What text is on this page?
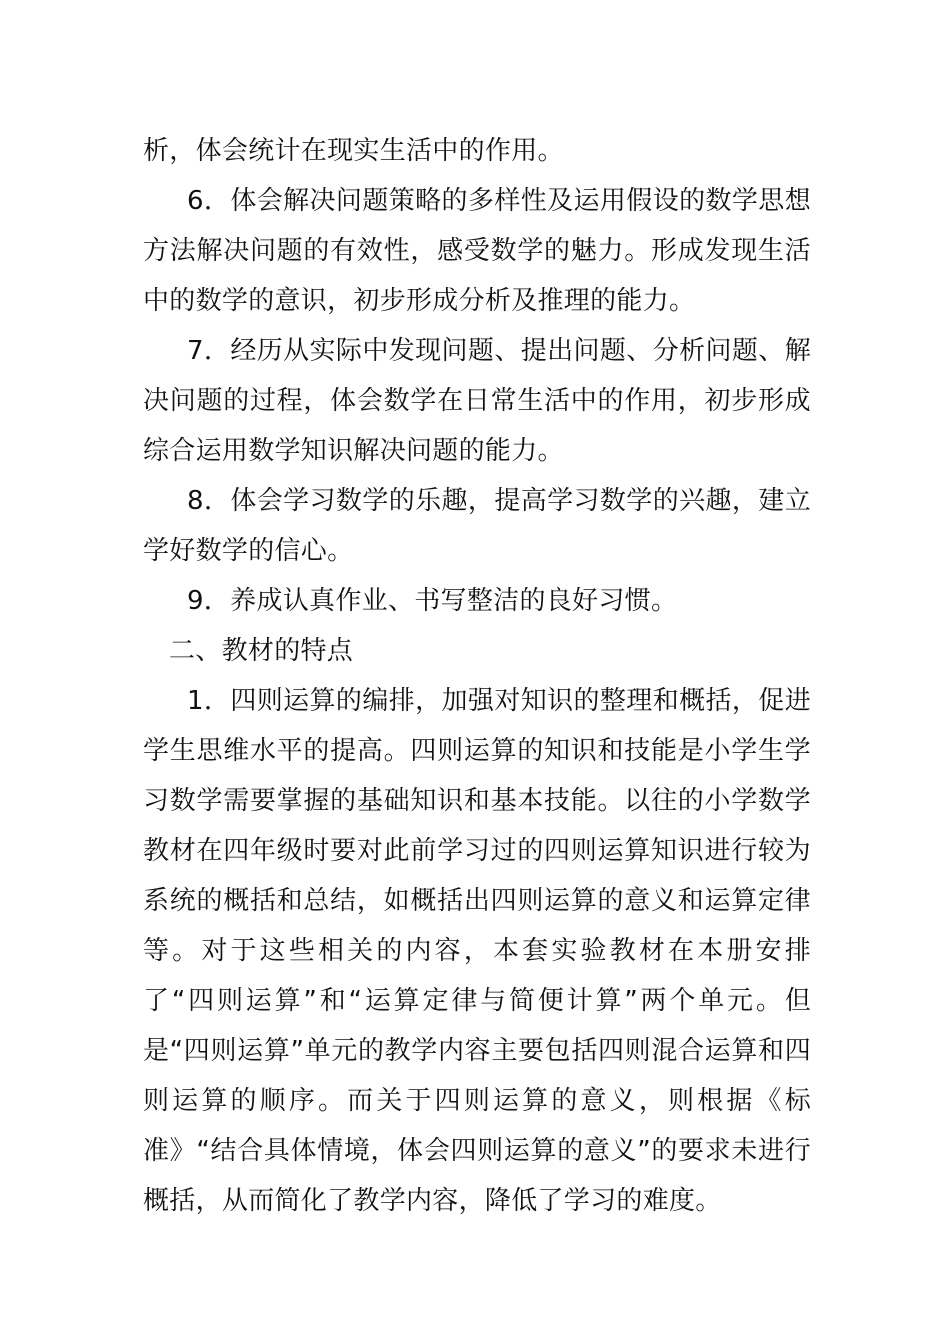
析，体会统计在现实生活中的作用。

6．体会解决问题策略的多样性及运用假设的数学思想方法解决问题的有效性，感受数学的魅力。形成发现生活中的数学的意识，初步形成分析及推理的能力。

7．经历从实际中发现问题、提出问题、分析问题、解决问题的过程，体会数学在日常生活中的作用，初步形成综合运用数学知识解决问题的能力。

8．体会学习数学的乐趣，提高学习数学的兴趣，建立学好数学的信心。

9．养成认真作业、书写整洁的良好习惯。

二、教材的特点

1．四则运算的编排，加强对知识的整理和概括，促进学生思维水平的提高。四则运算的知识和技能是小学生学习数学需要掌握的基础知识和基本技能。以往的小学数学教材在四年级时要对此前学习过的四则运算知识进行较为系统的概括和总结，如概括出四则运算的意义和运算定律等。对于这些相关的内容，本套实验教材在本册安排了“四则运算”和“运算定律与简便计算”两个单元。但是“四则运算”单元的教学内容主要包括四则混合运算和四则运算的顺序。而关于四则运算的意义，则根据《标准》“结合具体情境，体会四则运算的意义”的要求未进行概括，从而简化了教学内容，降低了学习的难度。
